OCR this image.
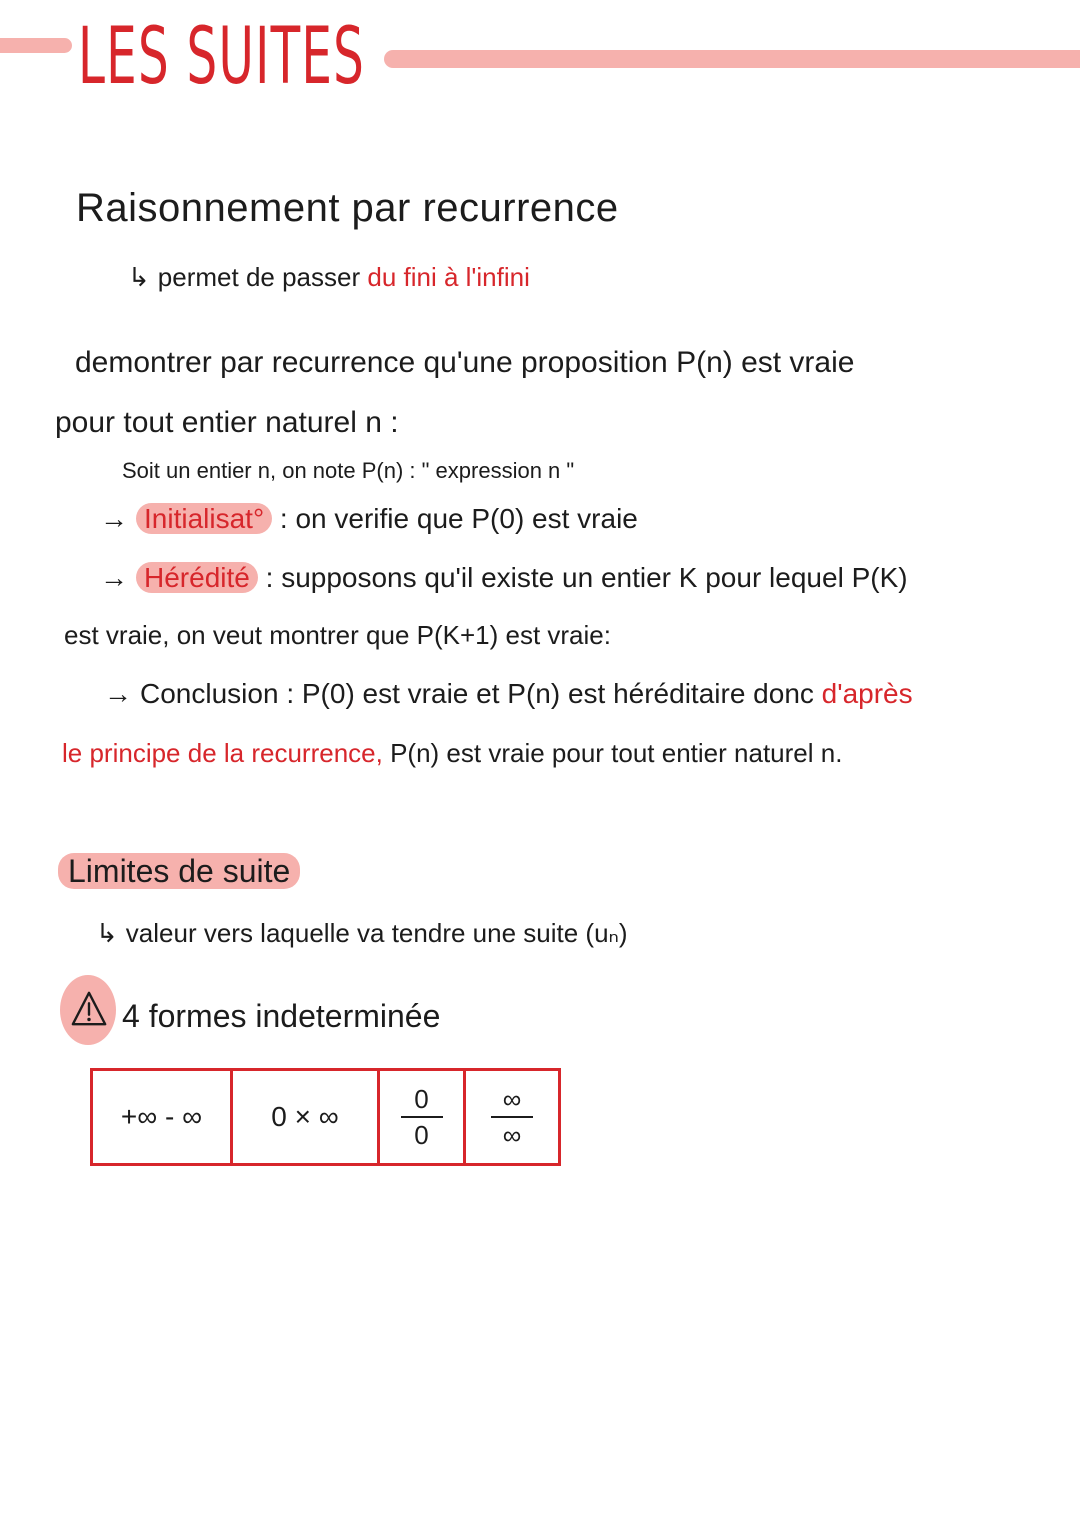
LES SUITES
Raisonnement par recurrence
↳ permet de passer du fini à l'infini
demontrer par recurrence qu'une proposition P(n) est vraie
pour tout entier naturel n :
Soit un entier n, on note P(n) : " expression n "
→ Initialisat° : on verifie que P(0) est vraie
→ Hérédité : supposons qu'il existe un entier K pour lequel P(K)
est vraie, on veut montrer que P(K+1) est vraie:
→ Conclusion : P(0) est vraie et P(n) est héréditaire donc d'après
le principe de la recurrence, P(n) est vraie pour tout entier naturel n.
Limites de suite
↳ valeur vers laquelle va tendre une suite (uₙ)
4 formes indeterminée
+∞ - ∞	0 × ∞	$\frac{0}{0} \frac{\infty}{\infty}$
